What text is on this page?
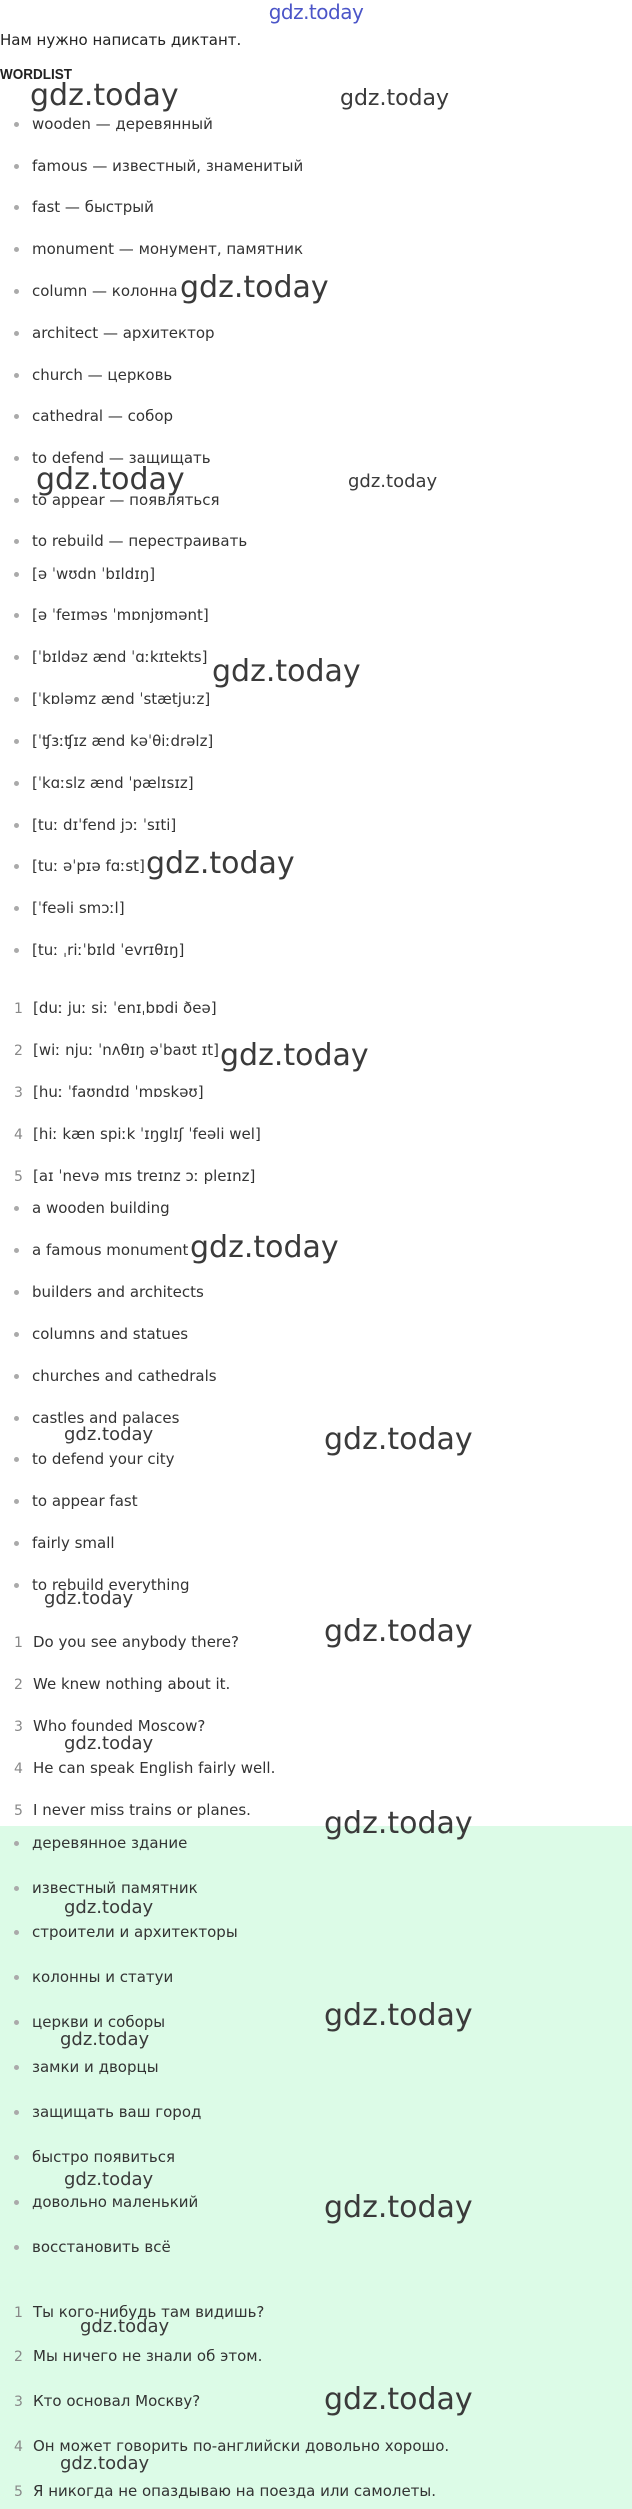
gdz.today

Нам нужно написать диктант.

WORDLIST
wooden — деревянный
famous — известный, знаменитый
fast — быстрый
monument — монумент, памятник
column — колонна
architect — архитектор
church — церковь
cathedral — собор
to defend — защищать
to appear — появляться
to rebuild — перестраивать
[ə ˈwʊdn ˈbɪldɪŋ]
[ə ˈfeɪməs ˈmɒnjʊmənt]
[ˈbɪldəz ænd ˈɑːkɪtekts]
[ˈkɒləmz ænd ˈstætjuːz]
[ˈʧɜːʧɪz ænd kəˈθiːdrəlz]
[ˈkɑːslz ænd ˈpælɪsɪz]
[tuː dɪˈfend jɔː ˈsɪti]
[tuː əˈpɪə fɑːst]
[ˈfeəli smɔːl]
[tuː ˌriːˈbɪld ˈevrɪθɪŋ]
1 [duː juː siː ˈenɪˌbɒdi ðeə]
2 [wiː njuː ˈnʌθɪŋ əˈbaʊt ɪt]
3 [huː ˈfaʊndɪd ˈmɒskəʊ]
4 [hiː kæn spiːk ˈɪŋglɪʃ ˈfeəli wel]
5 [aɪ ˈnevə mɪs treɪnz ɔː pleɪnz]
a wooden building
a famous monument
builders and architects
columns and statues
churches and cathedrals
castles and palaces
to defend your city
to appear fast
fairly small
to rebuild everything
1 Do you see anybody there?
2 We knew nothing about it.
3 Who founded Moscow?
4 He can speak English fairly well.
5 I never miss trains or planes.
деревянное здание
известный памятник
строители и архитекторы
колонны и статуи
церкви и соборы
замки и дворцы
защищать ваш город
быстро появиться
довольно маленький
восстановить всё
1 Ты кого-нибудь там видишь?
2 Мы ничего не знали об этом.
3 Кто основал Москву?
4 Он может говорить по-английски довольно хорошо.
5 Я никогда не опаздываю на поезда или самолеты.
gdz.today	gdz.today
gdz.today
gdz.today	gdz.today
gdz.today
gdz.today
gdz.today
gdz.today
gdz.today	gdz.today
gdz.today
gdz.today
gdz.today
gdz.today
gdz.today
gdz.today
gdz.today
gdz.today
gdz.today
gdz.today
gdz.today
gdz.today
